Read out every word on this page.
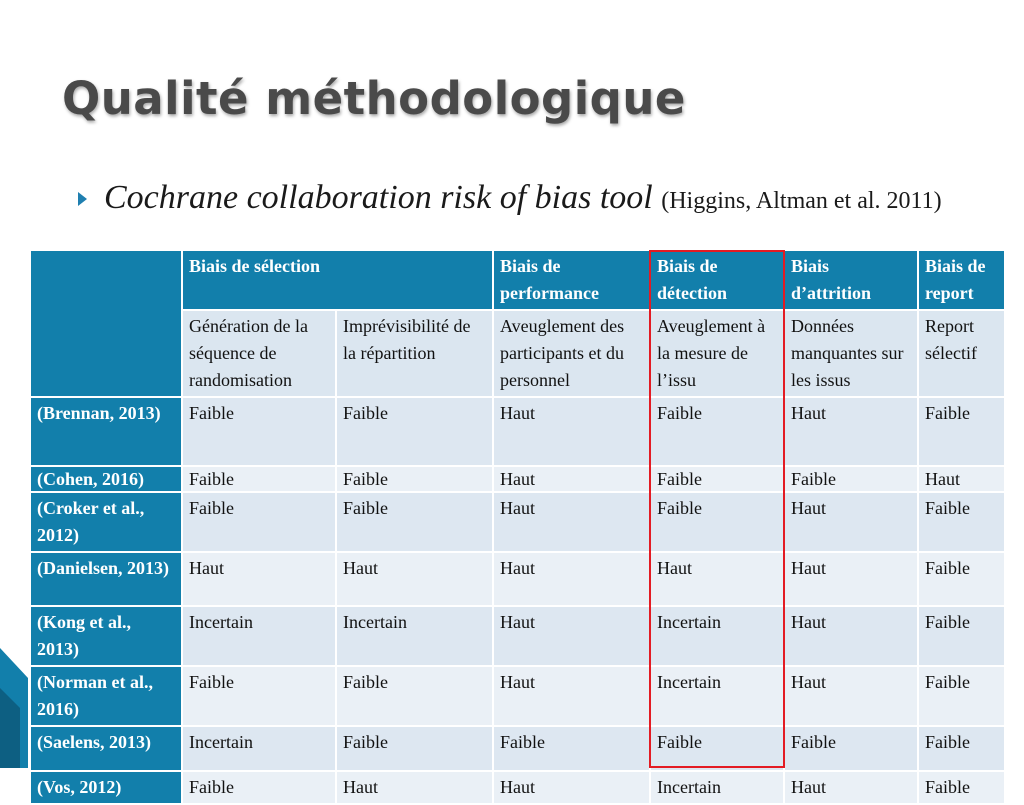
Qualité méthodologique
Cochrane collaboration risk of bias tool (Higgins, Altman et al. 2011)
	Biais de sélection		Biais de performance	Biais de détection	Biais d’attrition	Biais de report
	Génération de la séquence de randomisation	Imprévisibilité de la répartition	Aveuglement des participants et du personnel	Aveuglement à la mesure de l’issu	Données manquantes sur les issus	Report sélectif
(Brennan, 2013)	Faible	Faible	Haut	Faible	Haut	Faible
(Cohen, 2016)	Faible	Faible	Haut	Faible	Faible	Haut
(Croker et al., 2012)	Faible	Faible	Haut	Faible	Haut	Faible
(Danielsen, 2013)	Haut	Haut	Haut	Haut	Haut	Faible
(Kong et al., 2013)	Incertain	Incertain	Haut	Incertain	Haut	Faible
(Norman et al., 2016)	Faible	Faible	Haut	Incertain	Haut	Faible
(Saelens, 2013)	Incertain	Faible	Faible	Faible	Faible	Faible
(Vos, 2012)	Faible	Haut	Haut	Incertain	Haut	Faible
